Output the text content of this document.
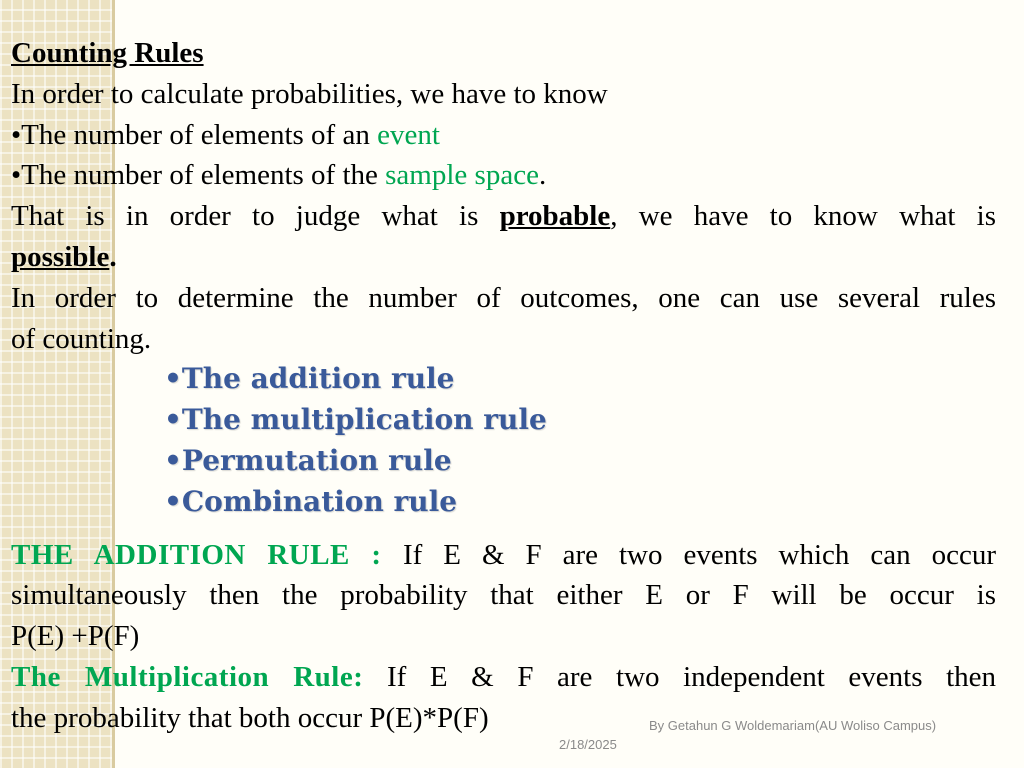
Counting Rules
In order to calculate probabilities, we have to know
•The number of elements of an event
•The number of elements of the sample space.
That is in order to judge what is probable, we have to know what is
possible.
In order to determine the number of outcomes, one can use several rules
of counting.
•The addition rule
•The multiplication rule
•Permutation rule
•Combination rule
THE ADDITION RULE : If E & F are two events which can occur
simultaneously then the probability that either E or F will be occur is
P(E) +P(F)
The Multiplication Rule: If E & F are two independent events then
the probability that both occur P(E)*P(F)	By Getahun G Woldemariam(AU Woliso Campus)
2/18/2025
